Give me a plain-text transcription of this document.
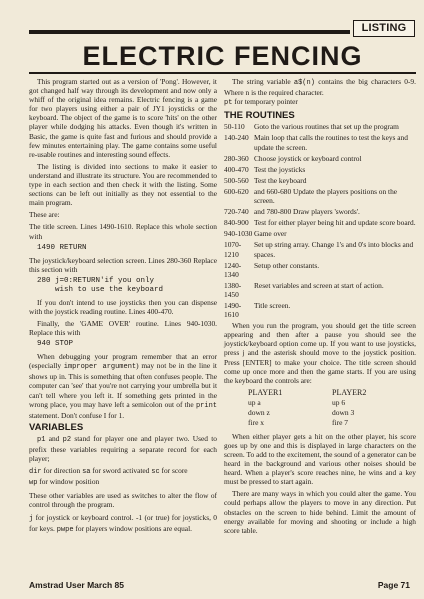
LISTING
ELECTRIC FENCING

This program started out as a version of 'Pong'. However, it got changed half way through its development and now only a whiff of the original idea remains. Electric fencing is a game for two players using either a pair of JY1 joysticks or the keyboard. The object of the game is to score 'hits' on the other player while dodging his attacks. Even though it's written in Basic, the game is quite fast and furious and should provide a few minutes entertaining play. The game contains some useful re-usable routines and interesting sound effects.

The listing is divided into sections to make it easier to understand and illustrate its structure. You are recommended to type in each section and then check it with the listing. Some sections can be left out initially as they not essential to the main program.

These are:

The title screen. Lines 1490-1610. Replace this whole section with

1490 RETURN

The joystick/keyboard selection screen. Lines 280-360 Replace this section with

280 j=0:RETURN'if you only
wish to use the keyboard

If you don't intend to use joysticks then you can dispense with the joystick reading routine. Lines 400-470.

Finally, the 'GAME OVER' routine. Lines 940-1030. Replace this with

940 STOP

When debugging your program remember that an error (especially improper argument) may not be in the line it shows up in. This is something that often confuses people. The computer can 'see' that you're not carrying your umbrella but it can't tell where you left it. If something gets printed in the wrong place, you may have left a semicolon out of the print statement. Don't confuse I for 1.

VARIABLES

p1 and p2 stand for player one and player two. Used to prefix these variables requiring a separate record for each player;

dir for direction sa for sword activated sc for score
wp for window position

These other variables are used as switches to alter the flow of control through the program.

j for joystick or keyboard control. -1 (or true) for joysticks, 0 for keys. pwpe for players window positions are equal.

The string variable a$(n) contains the big characters 0-9. Where n is the required character.
pt for temporary pointer

THE ROUTINES
50-110	Goto the various routines that set up the program
140-240 Main loop that calls the routines to test the keys and update the screen.
280-360 Choose joystick or keyboard control
400-470 Test the joysticks
500-560 Test the keyboard
600-620 and 660-680 Update the players positions on the screen.
720-740 and 780-800 Draw players 'swords'.
840-900 Test for either player being hit and update score board.
940-1030 Game over
1070-1210
Set up string array. Change 1's and 0's into blocks and spaces.
1240-1340
Setup other constants.
1380-1450
Reset variables and screen at start of action.
1490-1610
Title screen.

When you run the program, you should get the title screen appearing and then after a pause you should see the joystick/keyboard option come up. If you want to use joysticks, press j and the asterisk should move to the joystick position. Press [ENTER] to make your choice. The title screen should come up once more and then the game starts. If you are using the keyboard the controls are:

PLAYER1	PLAYER2
up a	up 6
down z	down 3
fire x	fire 7

When either player gets a hit on the other player, his score goes up by one and this is displayed in large characters on the screen. To add to the excitement, the sound of a generator can be heard in the background and various other noises should be heard. When a player's score reaches nine, he wins and a key must be pressed to start again.

There are many ways in which you could alter the game. You could perhaps allow the players to move in any direction. Put obstacles on the screen to hide behind. Limit the amount of energy available for moving and shooting or include a high score table.

Amstrad User March 85	Page 71
